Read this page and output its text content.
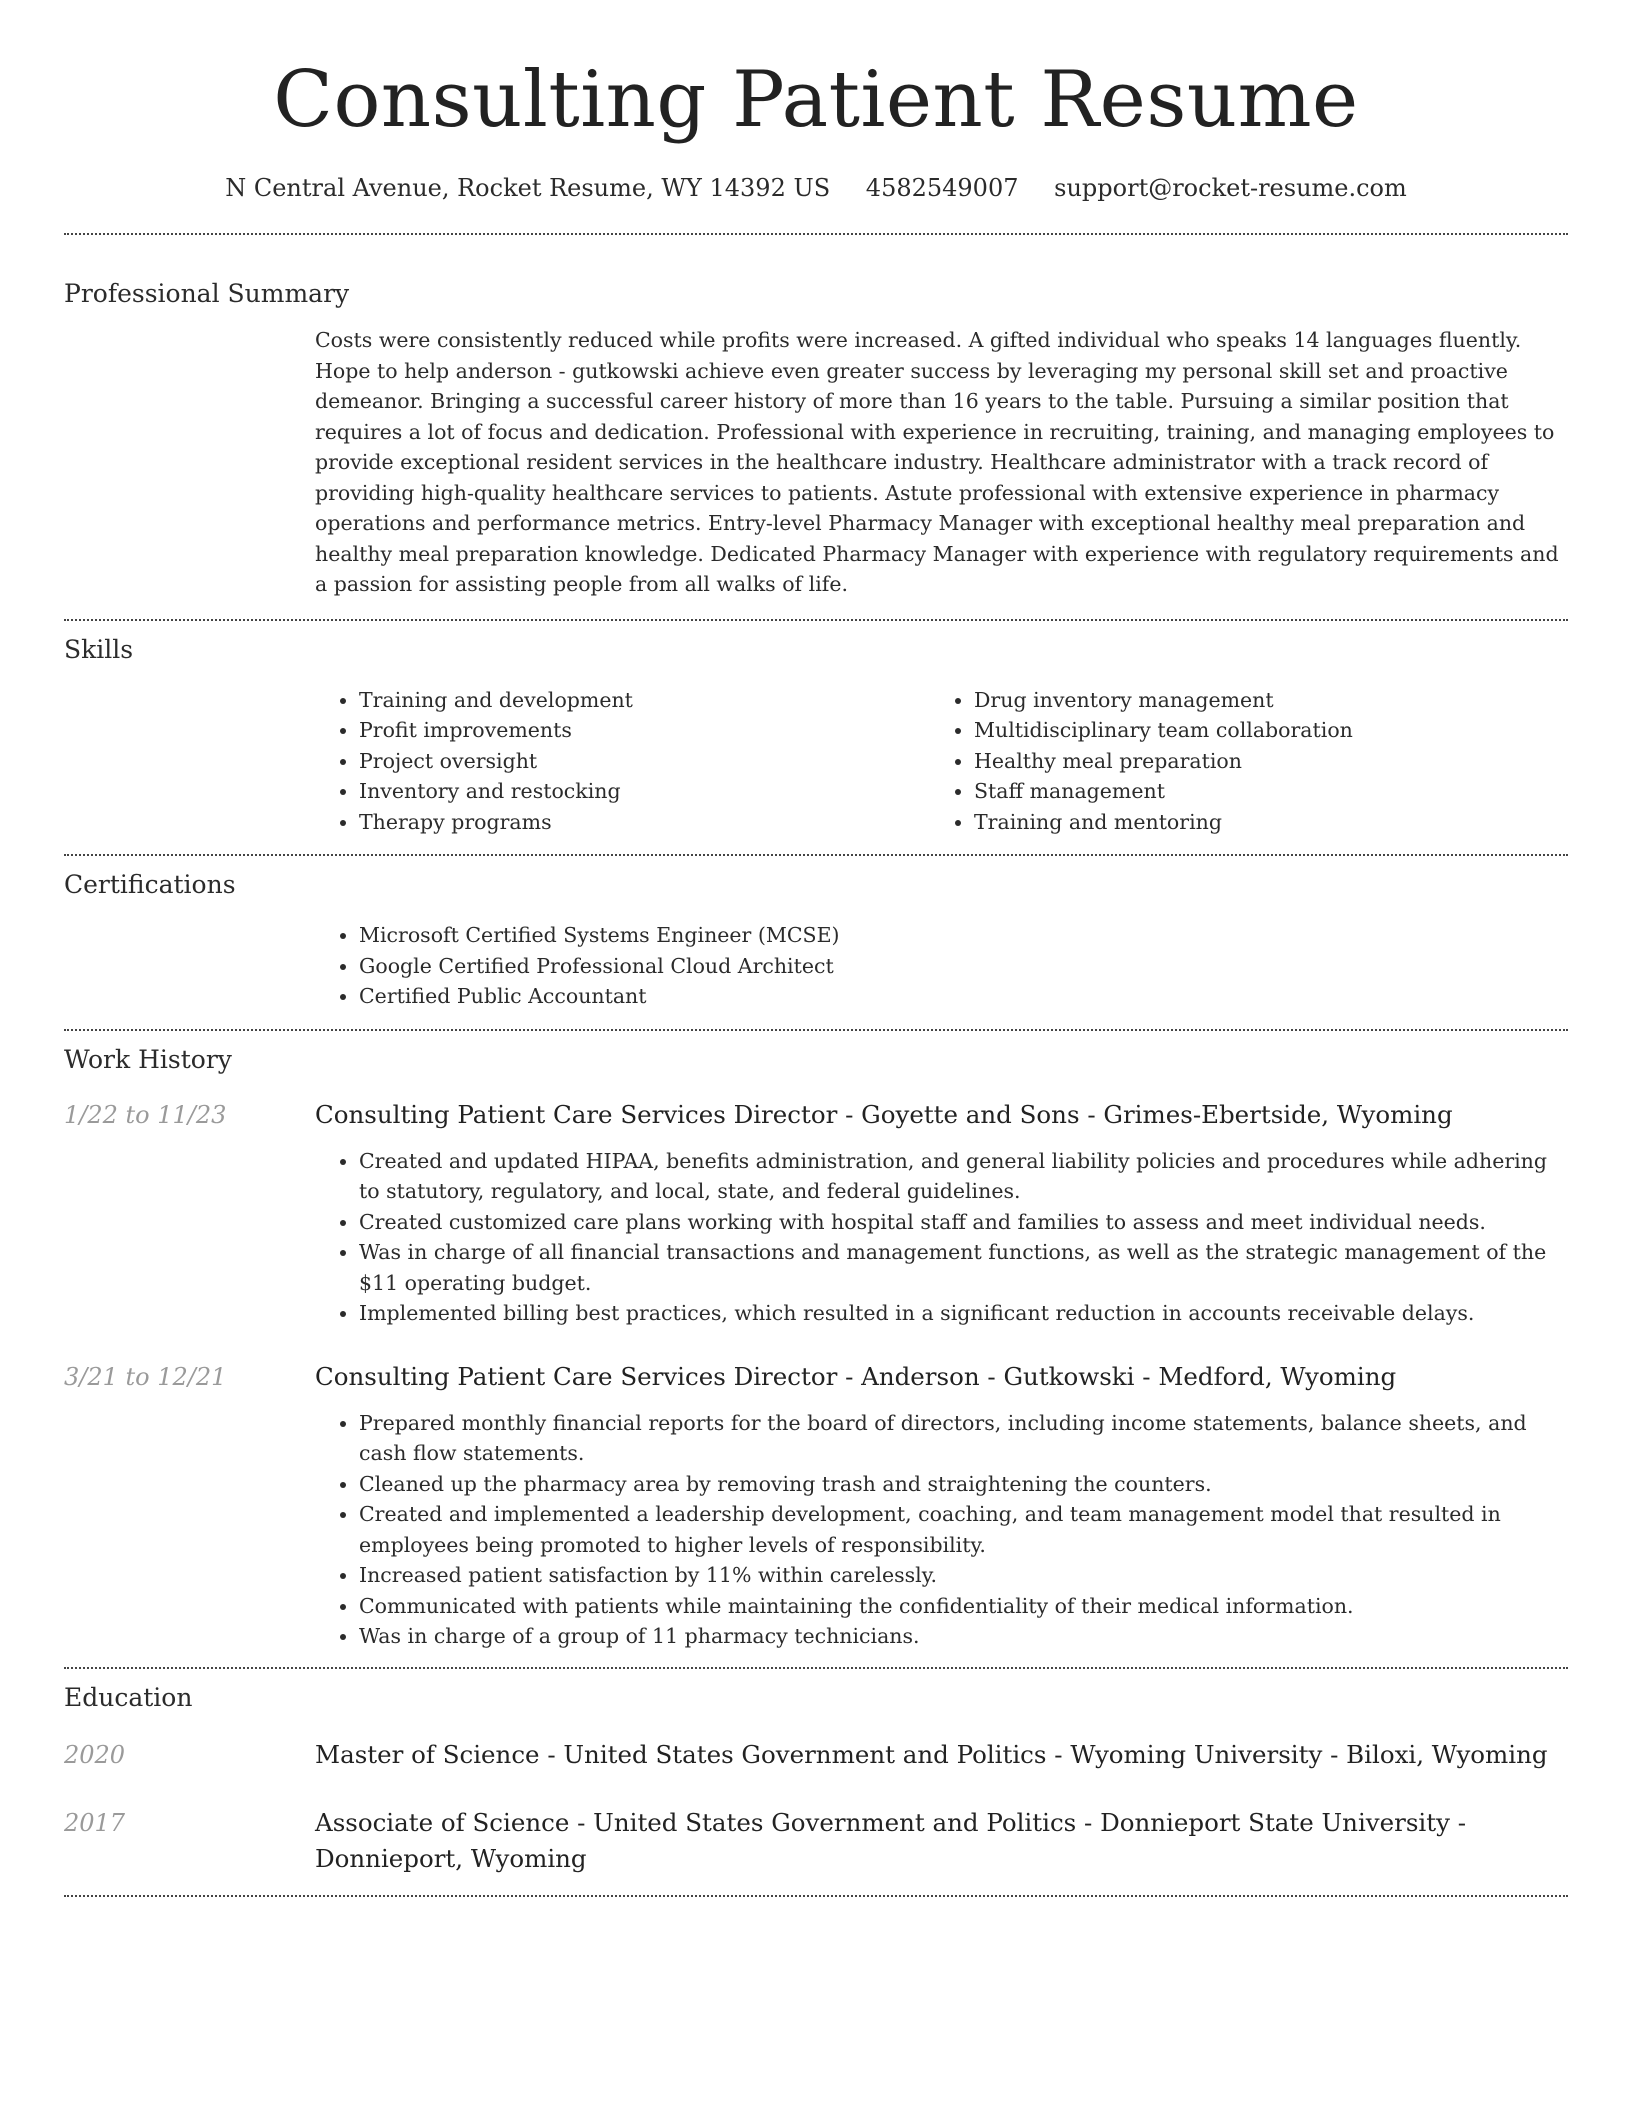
Consulting Patient Resume
N Central Avenue, Rocket Resume, WY 14392 US 4582549007 support@rocket-resume.com
Professional Summary
Costs were consistently reduced while profits were increased. A gifted individual who speaks 14 languages fluently. Hope to help anderson - gutkowski achieve even greater success by leveraging my personal skill set and proactive demeanor. Bringing a successful career history of more than 16 years to the table. Pursuing a similar position that requires a lot of focus and dedication. Professional with experience in recruiting, training, and managing employees to provide exceptional resident services in the healthcare industry. Healthcare administrator with a track record of providing high-quality healthcare services to patients. Astute professional with extensive experience in pharmacy operations and performance metrics. Entry-level Pharmacy Manager with exceptional healthy meal preparation and healthy meal preparation knowledge. Dedicated Pharmacy Manager with experience with regulatory requirements and a passion for assisting people from all walks of life.
Skills
• Training and development
• Profit improvements
• Project oversight
• Inventory and restocking
• Therapy programs
• Drug inventory management
• Multidisciplinary team collaboration
• Healthy meal preparation
• Staff management
• Training and mentoring
Certifications
• Microsoft Certified Systems Engineer (MCSE)
• Google Certified Professional Cloud Architect
• Certified Public Accountant
Work History
1/22 to 11/23	Consulting Patient Care Services Director - Goyette and Sons - Grimes-Ebertside, Wyoming
• Created and updated HIPAA, benefits administration, and general liability policies and procedures while adhering to statutory, regulatory, and local, state, and federal guidelines.
• Created customized care plans working with hospital staff and families to assess and meet individual needs.
• Was in charge of all financial transactions and management functions, as well as the strategic management of the $11 operating budget.
• Implemented billing best practices, which resulted in a significant reduction in accounts receivable delays.
3/21 to 12/21	Consulting Patient Care Services Director - Anderson - Gutkowski - Medford, Wyoming
• Prepared monthly financial reports for the board of directors, including income statements, balance sheets, and cash flow statements.
• Cleaned up the pharmacy area by removing trash and straightening the counters.
• Created and implemented a leadership development, coaching, and team management model that resulted in employees being promoted to higher levels of responsibility.
• Increased patient satisfaction by 11% within carelessly.
• Communicated with patients while maintaining the confidentiality of their medical information.
• Was in charge of a group of 11 pharmacy technicians.
Education
2020	Master of Science - United States Government and Politics - Wyoming University - Biloxi, Wyoming
2017	Associate of Science - United States Government and Politics - Donnieport State University - Donnieport, Wyoming
